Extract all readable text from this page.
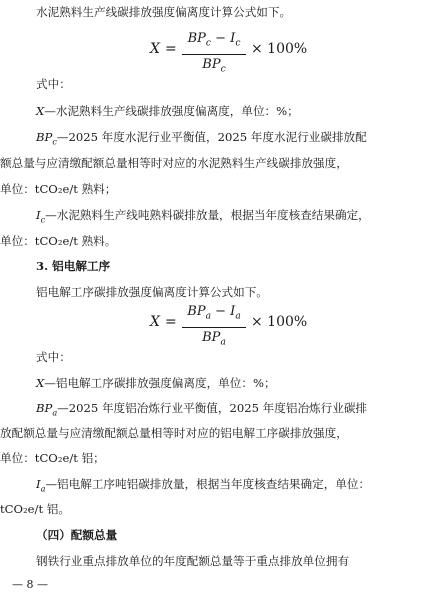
水泥熟料生产线碳排放强度偏离度计算公式如下。
X =
$BP_c - I_c$
$BP_c$
× 100%
式中：
X—水泥熟料生产线碳排放强度偏离度，单位：%；
$BP_c—2025$ 年度水泥行业平衡值，2025 年度水泥行业碳排放配
额总量与应清缴配额总量相等时对应的水泥熟料生产线碳排放强度，
单位：tCO₂e/t 熟料；
$I_c—$水泥熟料生产线吨熟料碳排放量，根据当年度核查结果确定，
单位：tCO₂e/t 熟料。
3. 铝电解工序
铝电解工序碳排放强度偏离度计算公式如下。
X =
$BP_a - I_a$
$BP_a$
× 100%
式中：
X—铝电解工序碳排放强度偏离度，单位：%；
$BP_a—2025$ 年度铝冶炼行业平衡值，2025 年度铝冶炼行业碳排
放配额总量与应清缴配额总量相等时对应的铝电解工序碳排放强度，
单位：tCO₂e/t 铝；
$I_a—$铝电解工序吨铝碳排放量，根据当年度核查结果确定，单位：
tCO₂e/t 铝。
（四）配额总量
钢铁行业重点排放单位的年度配额总量等于重点排放单位拥有
— 8 —
